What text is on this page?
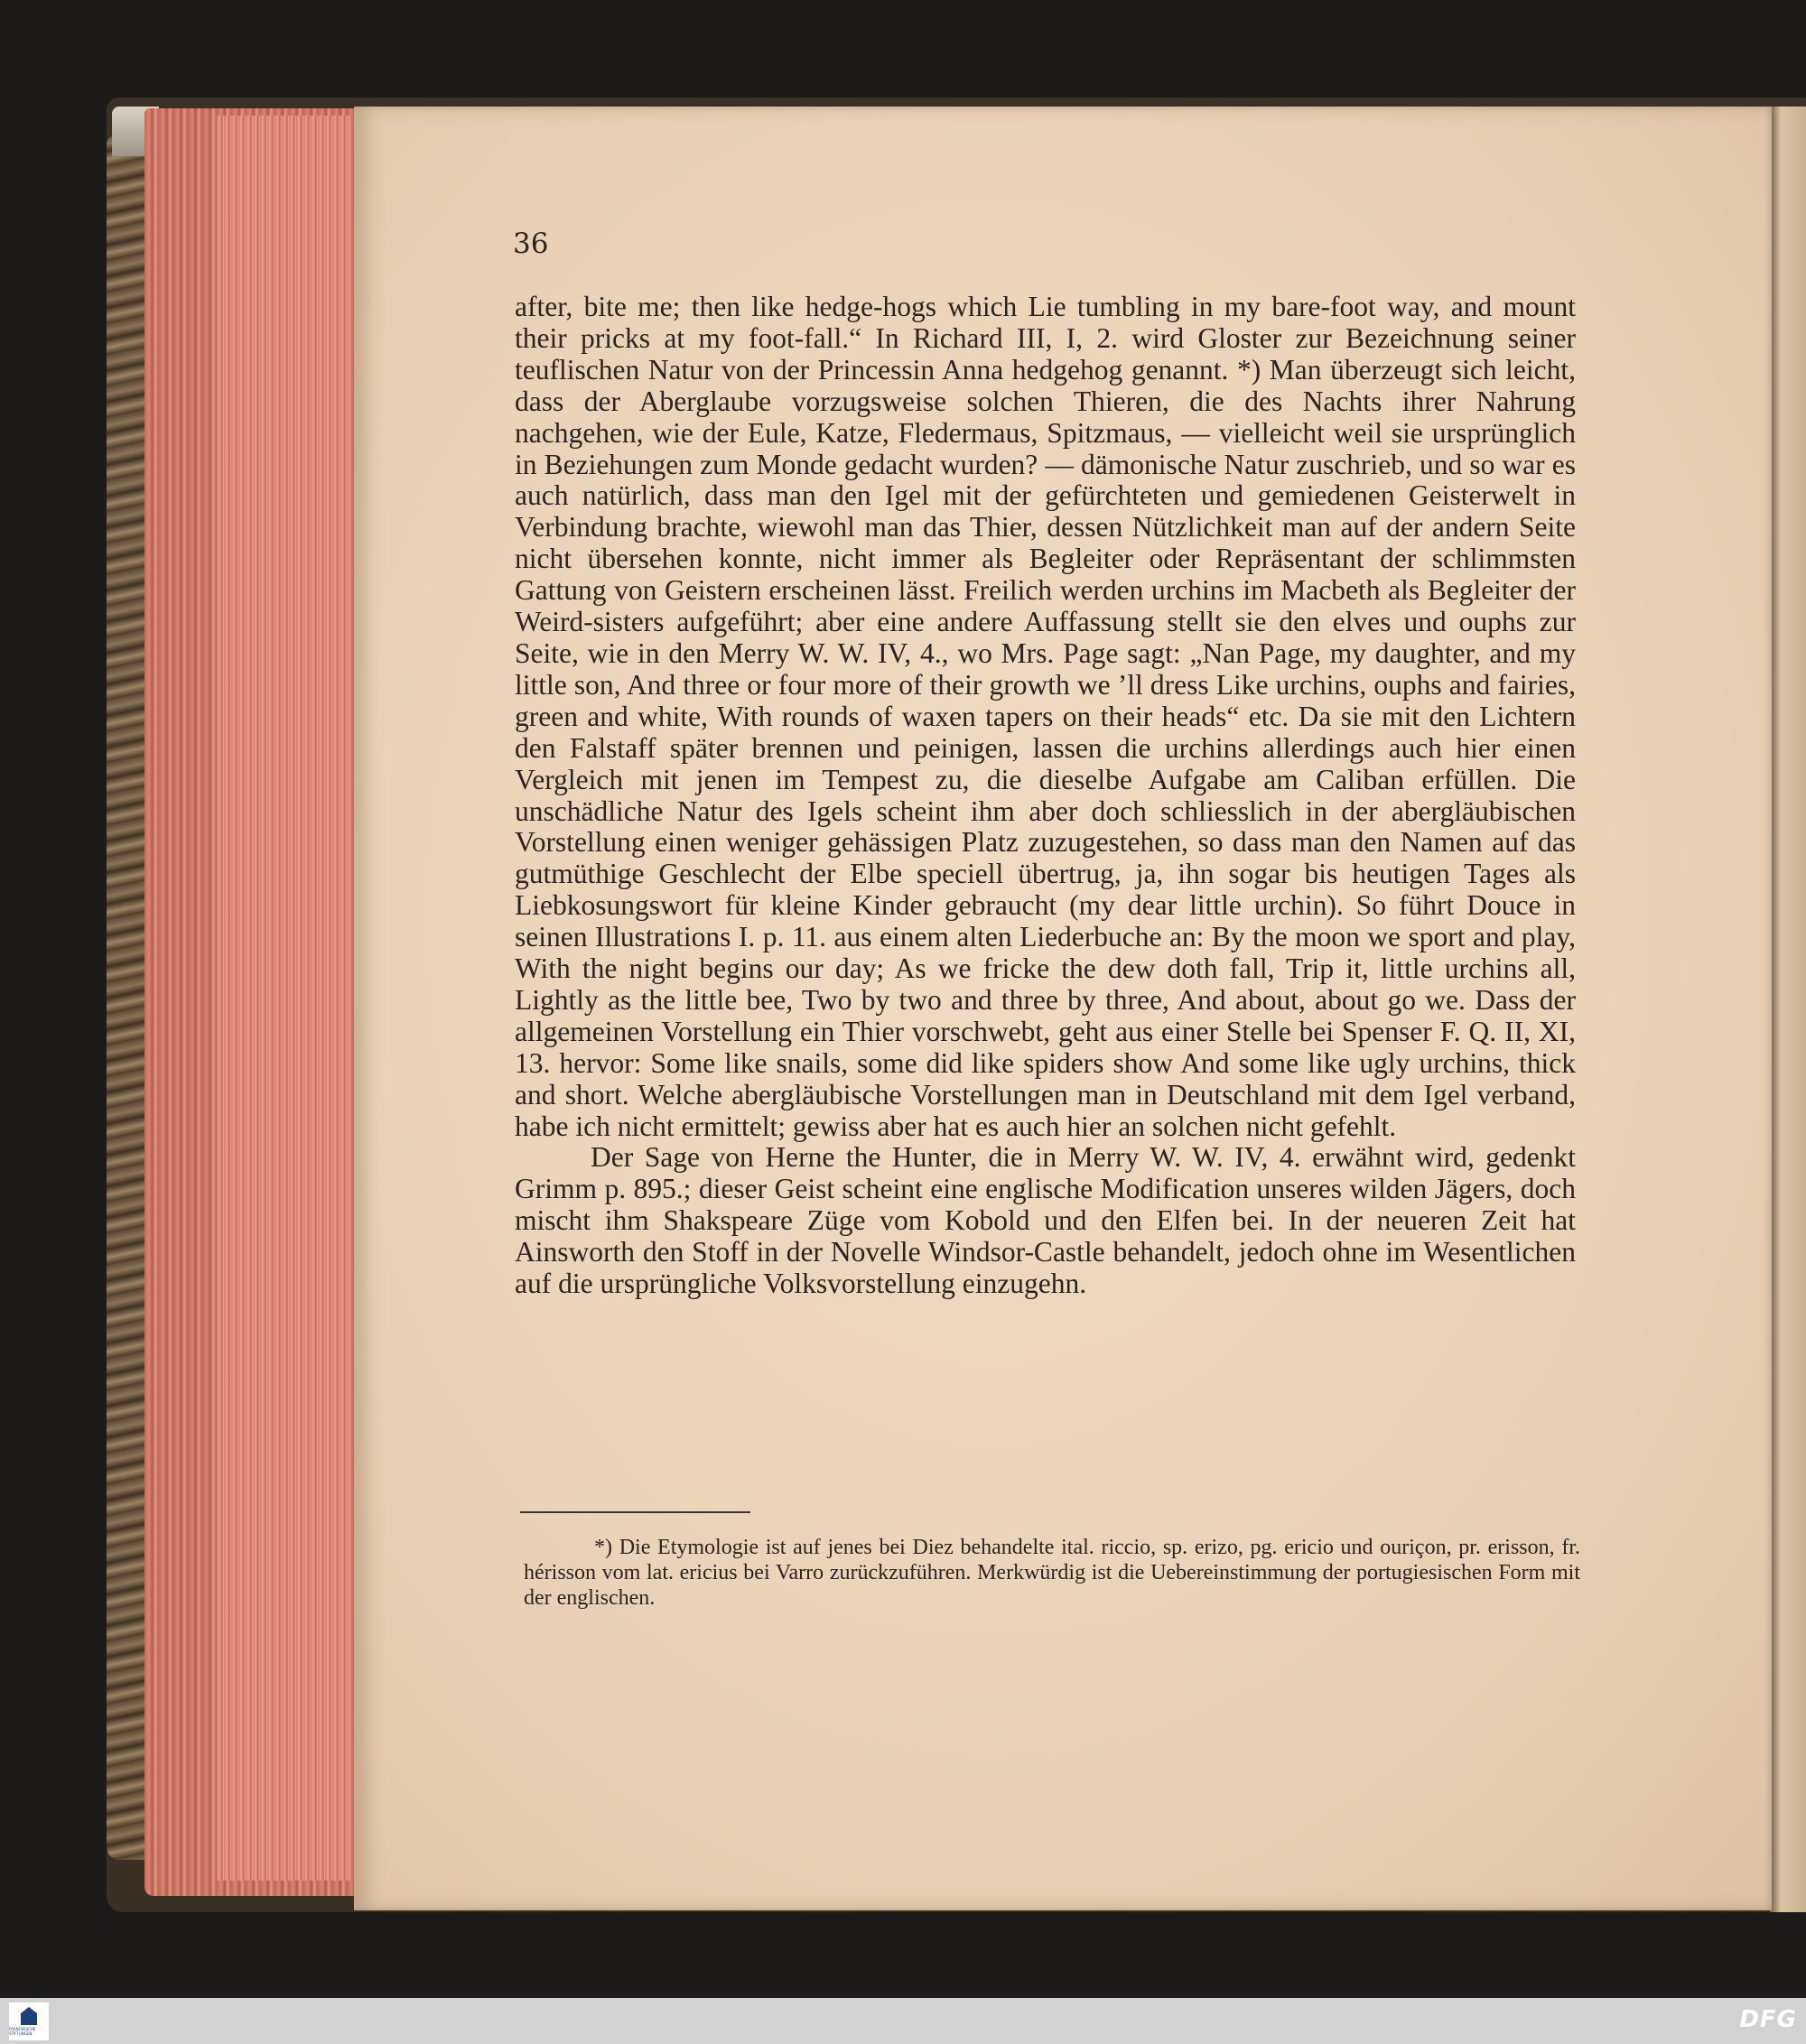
36

after, bite me; then like hedge-hogs which Lie tumbling in my bare-foot way, and mount their pricks at my foot-fall.“ In Richard III, I, 2. wird Gloster zur Bezeichnung seiner teuflischen Natur von der Princessin Anna hedgehog genannt. *) Man überzeugt sich leicht, dass der Aberglaube vorzugsweise solchen Thieren, die des Nachts ihrer Nahrung nachgehen, wie der Eule, Katze, Fledermaus, Spitzmaus, — vielleicht weil sie ursprünglich in Beziehungen zum Monde gedacht wurden? — dämonische Natur zuschrieb, und so war es auch natürlich, dass man den Igel mit der gefürchteten und gemiedenen Geisterwelt in Verbindung brachte, wiewohl man das Thier, dessen Nützlichkeit man auf der andern Seite nicht übersehen konnte, nicht immer als Begleiter oder Repräsentant der schlimmsten Gattung von Geistern erscheinen lässt. Freilich werden urchins im Macbeth als Begleiter der Weird-sisters aufgeführt; aber eine andere Auffassung stellt sie den elves und ouphs zur Seite, wie in den Merry W. W. IV, 4., wo Mrs. Page sagt: „Nan Page, my daughter, and my little son, And three or four more of their growth we ’ll dress Like urchins, ouphs and fairies, green and white, With rounds of waxen tapers on their heads“ etc. Da sie mit den Lichtern den Falstaff später brennen und peinigen, lassen die urchins allerdings auch hier einen Vergleich mit jenen im Tempest zu, die dieselbe Aufgabe am Caliban erfüllen. Die unschädliche Natur des Igels scheint ihm aber doch schliesslich in der abergläubischen Vorstellung einen weniger gehässigen Platz zuzugestehen, so dass man den Namen auf das gutmüthige Geschlecht der Elbe speciell übertrug, ja, ihn sogar bis heutigen Tages als Liebkosungswort für kleine Kinder gebraucht (my dear little urchin). So führt Douce in seinen Illustrations I. p. 11. aus einem alten Liederbuche an: By the moon we sport and play, With the night begins our day; As we fricke the dew doth fall, Trip it, little urchins all, Lightly as the little bee, Two by two and three by three, And about, about go we. Dass der allgemeinen Vorstellung ein Thier vorschwebt, geht aus einer Stelle bei Spenser F. Q. II, XI, 13. hervor: Some like snails, some did like spiders show And some like ugly urchins, thick and short. Welche abergläubische Vorstellungen man in Deutschland mit dem Igel verband, habe ich nicht ermittelt; gewiss aber hat es auch hier an solchen nicht gefehlt.

Der Sage von Herne the Hunter, die in Merry W. W. IV, 4. erwähnt wird, gedenkt Grimm p. 895.; dieser Geist scheint eine englische Modification unseres wilden Jägers, doch mischt ihm Shakspeare Züge vom Kobold und den Elfen bei. In der neueren Zeit hat Ainsworth den Stoff in der Novelle Windsor-Castle behandelt, jedoch ohne im Wesentlichen auf die ursprüngliche Volksvorstellung einzugehn.

*) Die Etymologie ist auf jenes bei Diez behandelte ital. riccio, sp. erizo, pg. ericio und ouriçon, pr. erisson, fr. hérisson vom lat. ericius bei Varro zurückzuführen. Merkwürdig ist die Uebereinstimmung der portugiesischen Form mit der englischen.

FRANCKESCHE STIFTUNGEN
DFG
